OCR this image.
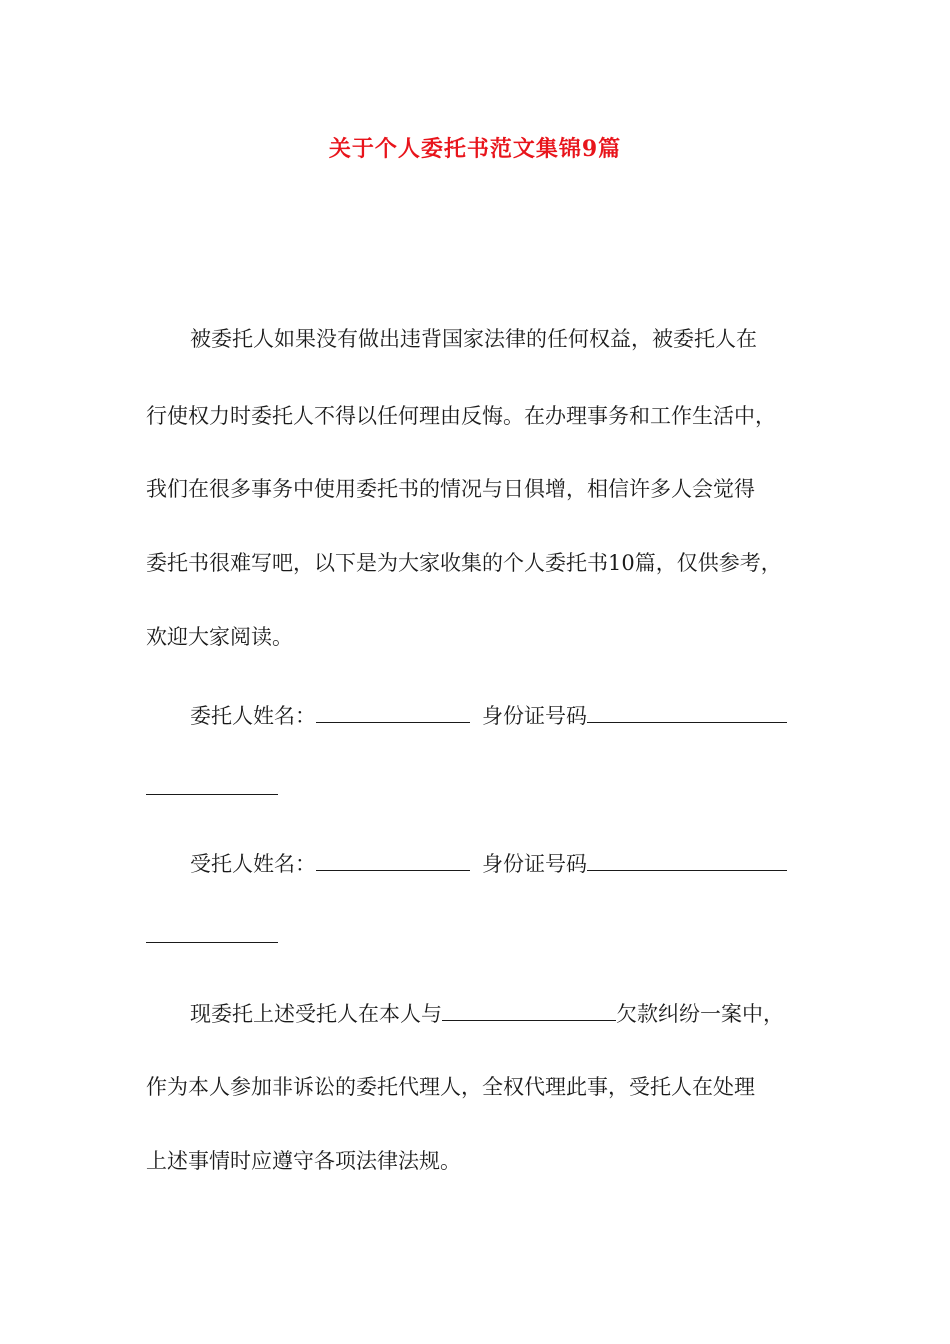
关于个人委托书范文集锦9篇
被委托人如果没有做出违背国家法律的任何权益，被委托人在
行使权力时委托人不得以任何理由反悔。在办理事务和工作生活中，
我们在很多事务中使用委托书的情况与日俱增，相信许多人会觉得
委托书很难写吧，以下是为大家收集的个人委托书10篇，仅供参考，
欢迎大家阅读。
委托人姓名：	身份证号码
受托人姓名：	身份证号码
现委托上述受托人在本人与	欠款纠纷一案中，
作为本人参加非诉讼的委托代理人，全权代理此事，受托人在处理
上述事情时应遵守各项法律法规。
